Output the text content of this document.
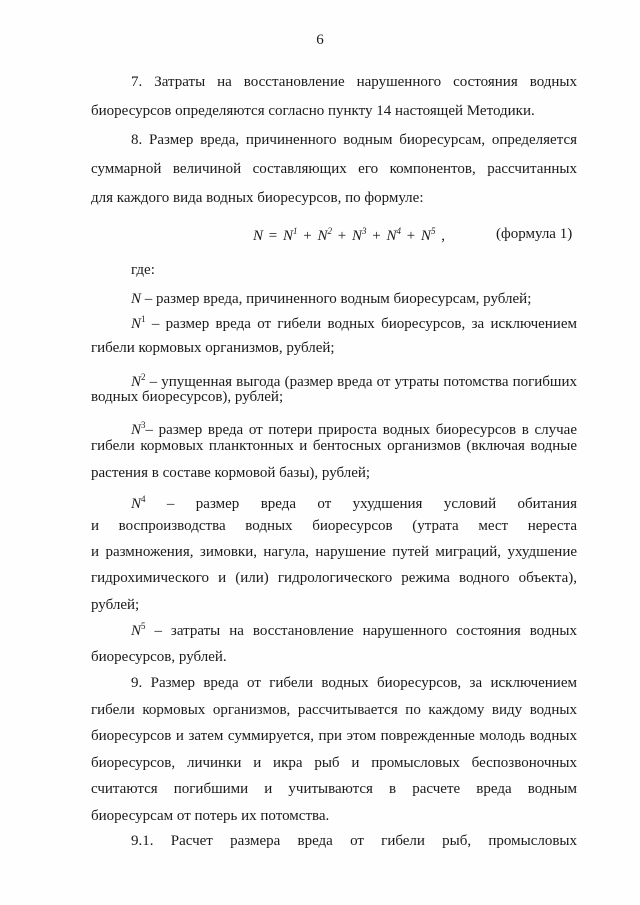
6

7. Затраты на восстановление нарушенного состояния водных

биоресурсов определяются согласно пункту 14 настоящей Методики.

8. Размер вреда, причиненного водным биоресурсам, определяется

суммарной величиной составляющих его компонентов, рассчитанных

для каждого вида водных биоресурсов, по формуле:

$N = N^1 + N^2 + N^3 + N^4 + N^5$ ,	(формула 1)

где:

N – размер вреда, причиненного водным биоресурсам, рублей;

$N^1$ – размер вреда от гибели водных биоресурсов, за исключением

гибели кормовых организмов, рублей;

$N^2$ – упущенная выгода (размер вреда от утраты потомства погибших

водных биоресурсов), рублей;

$N^3-$ размер вреда от потери прироста водных биоресурсов в случае

гибели кормовых планктонных и бентосных организмов (включая водные

растения в составе кормовой базы), рублей;

$N^4$ – размер вреда от ухудшения условий обитания

и воспроизводства водных биоресурсов (утрата мест нереста

и размножения, зимовки, нагула, нарушение путей миграций, ухудшение

гидрохимического и (или) гидрологического режима водного объекта),

рублей;

$N^5$ – затраты на восстановление нарушенного состояния водных

биоресурсов, рублей.

9. Размер вреда от гибели водных биоресурсов, за исключением

гибели кормовых организмов, рассчитывается по каждому виду водных

биоресурсов и затем суммируется, при этом поврежденные молодь водных

биоресурсов, личинки и икра рыб и промысловых беспозвоночных

считаются погибшими и учитываются в расчете вреда водным

биоресурсам от потерь их потомства.

9.1. Расчет размера вреда от гибели рыб, промысловых
